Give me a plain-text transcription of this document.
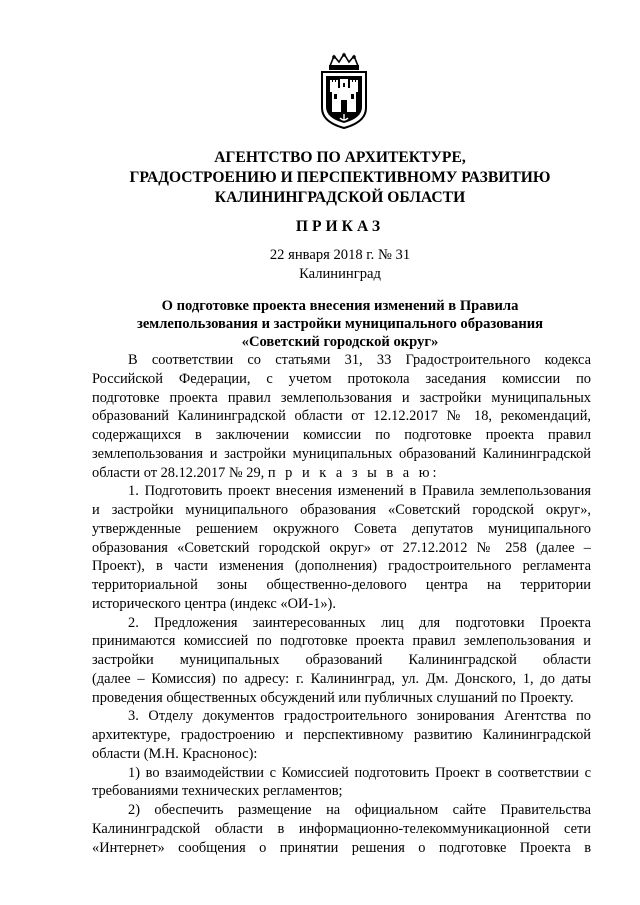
АГЕНТСТВО ПО АРХИТЕКТУРЕ,
ГРАДОСТРОЕНИЮ И ПЕРСПЕКТИВНОМУ РАЗВИТИЮ
КАЛИНИНГРАДСКОЙ ОБЛАСТИ
ПРИКАЗ
22 января 2018 г. № 31
Калининград
О подготовке проекта внесения изменений в Правила
землепользования и застройки муниципального образования
«Советский городской округ»
В соответствии со статьями 31, 33 Градостроительного кодекса
Российской Федерации, с учетом протокола заседания комиссии по
подготовке проекта правил землепользования и застройки муниципальных
образований Калининградской области от 12.12.2017 № 18, рекомендаций,
содержащихся в заключении комиссии по подготовке проекта правил
землепользования и застройки муниципальных образований Калининградской
области от 28.12.2017 № 29, п р и к а з ы в а ю:
1. Подготовить проект внесения изменений в Правила землепользования
и застройки муниципального образования «Советский городской округ»,
утвержденные решением окружного Совета депутатов муниципального
образования «Советский городской округ» от 27.12.2012 № 258 (далее –
Проект), в части изменения (дополнения) градостроительного регламента
территориальной зоны общественно-делового центра на территории
исторического центра (индекс «ОИ-1»).
2. Предложения заинтересованных лиц для подготовки Проекта
принимаются комиссией по подготовке проекта правил землепользования и
застройки муниципальных образований Калининградской области
(далее – Комиссия) по адресу: г. Калининград, ул. Дм. Донского, 1, до даты
проведения общественных обсуждений или публичных слушаний по Проекту.
3. Отделу документов градостроительного зонирования Агентства по
архитектуре, градостроению и перспективному развитию Калининградской
области (М.Н. Краснонос):
1) во взаимодействии с Комиссией подготовить Проект в соответствии с
требованиями технических регламентов;
2) обеспечить размещение на официальном сайте Правительства
Калининградской области в информационно-телекоммуникационной сети
«Интернет» сообщения о принятии решения о подготовке Проекта в
